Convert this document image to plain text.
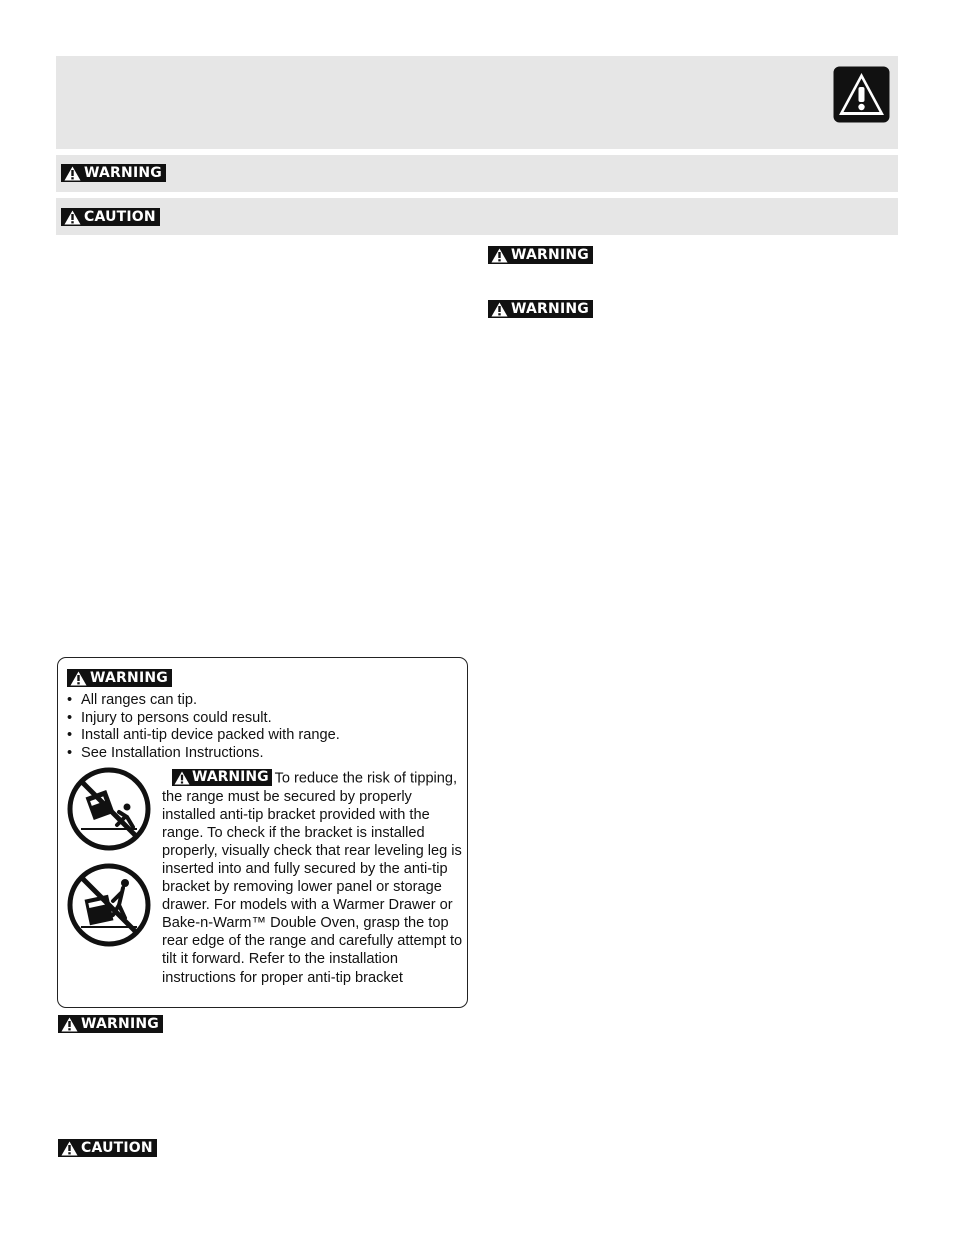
WARNING
CAUTION
WARNING
WARNING
WARNING
• All ranges can tip.
• Injury to persons could result.
• Install anti-tip device packed with range.
• See Installation Instructions.

WARNING To reduce the risk of tipping, the range must be secured by properly installed anti-tip bracket provided with the range. To check if the bracket is installed properly, visually check that rear leveling leg is inserted into and fully secured by the anti-tip bracket by removing lower panel or storage drawer. For models with a Warmer Drawer or Bake-n-Warm™ Double Oven, grasp the top rear edge of the range and carefully attempt to tilt it forward. Refer to the installation instructions for proper anti-tip bracket

WARNING
CAUTION
